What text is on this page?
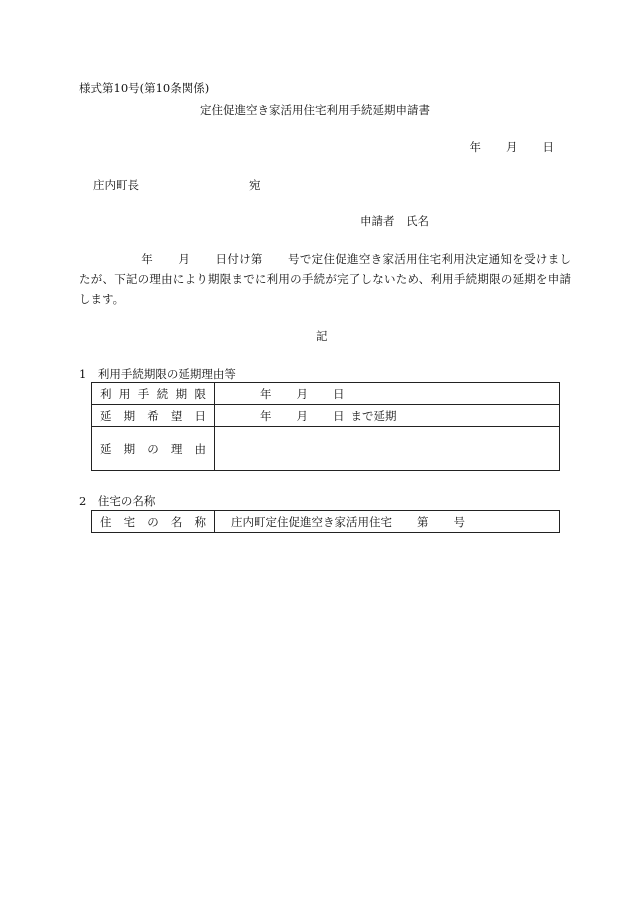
様式第10号(第10条関係)
定住促進空き家活用住宅利用手続延期申請書
年 月 日
庄内町長	宛
申請者　氏名
年 月 日付け第 号で定住促進空き家活用住宅利用決定通知を受けましたが、下記の理由により期限までに利用の手続が完了しないため、利用手続期限の延期を申請します。
記
1　利用手続期限の延期理由等
利用手続期限	年 月 日
延期希望日	年 月 日 まで延期
延期の理由	
2　住宅の名称
住宅の名称	庄内町定住促進空き家活用住宅 第 号
